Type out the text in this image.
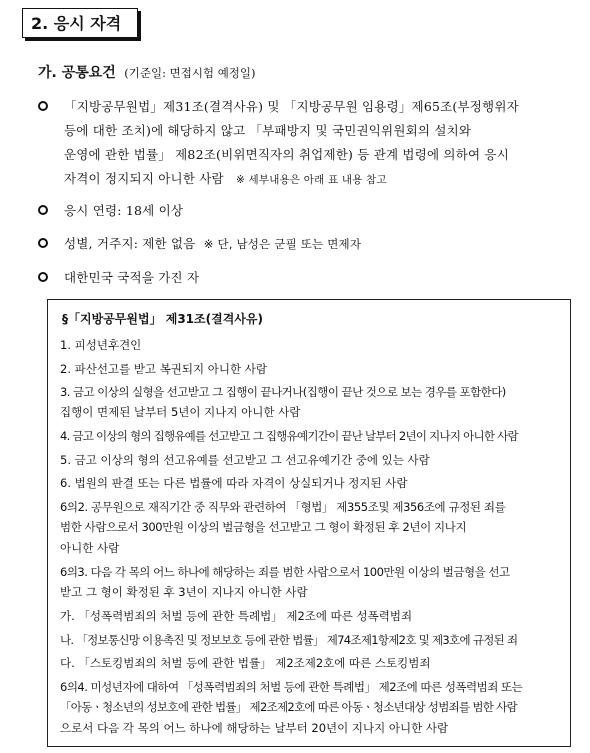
2. 응시 자격
가. 공통요건 (기준일: 면접시험 예정일)
「지방공무원법」제31조(결격사유) 및 「지방공무원 임용령」제65조(부정행위자
등에 대한 조치)에 해당하지 않고 「부패방지 및 국민권익위원회의 설치와
운영에 관한 법률」 제82조(비위면직자의 취업제한) 등 관계 법령에 의하여 응시
자격이 정지되지 아니한 사람 ※ 세부내용은 아래 표 내용 참고
응시 연령: 18세 이상
성별, 거주지: 제한 없음 ※ 단, 남성은 군필 또는 면제자
대한민국 국적을 가진 자
§「지방공무원법」 제31조(결격사유)
1. 피성년후견인
2. 파산선고를 받고 복권되지 아니한 사람
3. 금고 이상의 실형을 선고받고 그 집행이 끝나거나(집행이 끝난 것으로 보는 경우를 포함한다)
집행이 면제된 날부터 5년이 지나지 아니한 사람
4. 금고 이상의 형의 집행유예를 선고받고 그 집행유예기간이 끝난 날부터 2년이 지나지 아니한 사람
5. 금고 이상의 형의 선고유예를 선고받고 그 선고유예기간 중에 있는 사람
6. 법원의 판결 또는 다른 법률에 따라 자격이 상실되거나 정지된 사람
6의2. 공무원으로 재직기간 중 직무와 관련하여 「형법」 제355조및 제356조에 규정된 죄를
범한 사람으로서 300만원 이상의 벌금형을 선고받고 그 형이 확정된 후 2년이 지나지
아니한 사람
6의3. 다음 각 목의 어느 하나에 해당하는 죄를 범한 사람으로서 100만원 이상의 벌금형을 선고
받고 그 형이 확정된 후 3년이 지나지 아니한 사람
가. 「성폭력범죄의 처벌 등에 관한 특례법」 제2조에 따른 성폭력범죄
나. 「정보통신망 이용촉진 및 정보보호 등에 관한 법률」 제74조제1항제2호 및 제3호에 규정된 죄
다. 「스토킹범죄의 처벌 등에 관한 법률」 제2조제2호에 따른 스토킹범죄
6의4. 미성년자에 대하여 「성폭력범죄의 처벌 등에 관한 특례법」 제2조에 따른 성폭력범죄 또는
「아동ㆍ청소년의 성보호에 관한 법률」 제2조제2호에 따른 아동ㆍ청소년대상 성범죄를 범한 사람
으로서 다음 각 목의 어느 하나에 해당하는 날부터 20년이 지나지 아니한 사람
